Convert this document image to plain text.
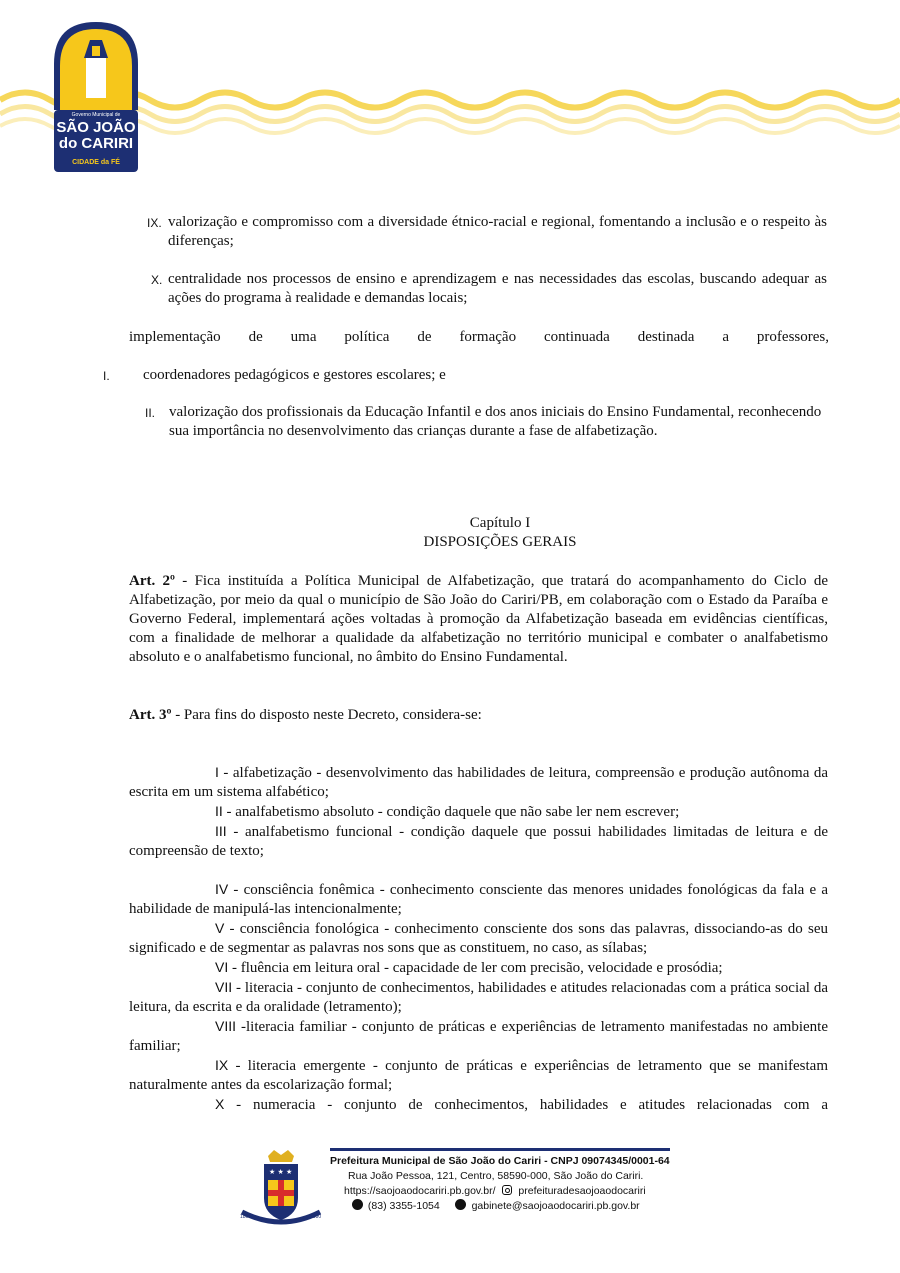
Governo Municipal de
SÃO JOÃO
do CARIRI
CIDADE da FÉ
IX. valorização e compromisso com a diversidade étnico-racial e regional, fomentando a inclusão e o respeito às diferenças;
X. centralidade nos processos de ensino e aprendizagem e nas necessidades das escolas, buscando adequar as ações do programa à realidade e demandas locais;
implementação de uma política de formação continuada destinada a professores,
I. coordenadores pedagógicos e gestores escolares; e
II. valorização dos profissionais da Educação Infantil e dos anos iniciais do Ensino Fundamental, reconhecendo sua importância no desenvolvimento das crianças durante a fase de alfabetização.
Capítulo I
DISPOSIÇÕES GERAIS
Art. 2º - Fica instituída a Política Municipal de Alfabetização, que tratará do acompanhamento do Ciclo de Alfabetização, por meio da qual o município de São João do Cariri/PB, em colaboração com o Estado da Paraíba e Governo Federal, implementará ações voltadas à promoção da Alfabetização baseada em evidências científicas, com a finalidade de melhorar a qualidade da alfabetização no território municipal e combater o analfabetismo absoluto e o analfabetismo funcional, no âmbito do Ensino Fundamental.
Art. 3º - Para fins do disposto neste Decreto, considera-se:
I - alfabetização - desenvolvimento das habilidades de leitura, compreensão e produção autônoma da escrita em um sistema alfabético;
II - analfabetismo absoluto - condição daquele que não sabe ler nem escrever;
III - analfabetismo funcional - condição daquele que possui habilidades limitadas de leitura e de compreensão de texto;
IV - consciência fonêmica - conhecimento consciente das menores unidades fonológicas da fala e a habilidade de manipulá-las intencionalmente;
V - consciência fonológica - conhecimento consciente dos sons das palavras, dissociando-as do seu significado e de segmentar as palavras nos sons que as constituem, no caso, as sílabas;
VI - fluência em leitura oral - capacidade de ler com precisão, velocidade e prosódia;
VII - literacia - conjunto de conhecimentos, habilidades e atitudes relacionadas com a prática social da leitura, da escrita e da oralidade (letramento);
VIII -literacia familiar - conjunto de práticas e experiências de letramento manifestadas no ambiente familiar;
IX - literacia emergente - conjunto de práticas e experiências de letramento que se manifestam naturalmente antes da escolarização formal;
X - numeracia - conjunto de conhecimentos, habilidades e atitudes relacionadas com a
★ ★ ★
1800	1930
Prefeitura Municipal de São João do Cariri - CNPJ 09074345/0001-64
Rua João Pessoa, 121, Centro, 58590-000, São João do Cariri.
https://saojoaodocariri.pb.gov.br/ prefeituradesaojoaodocariri
(83) 3355-1054	gabinete@saojoaodocariri.pb.gov.br
